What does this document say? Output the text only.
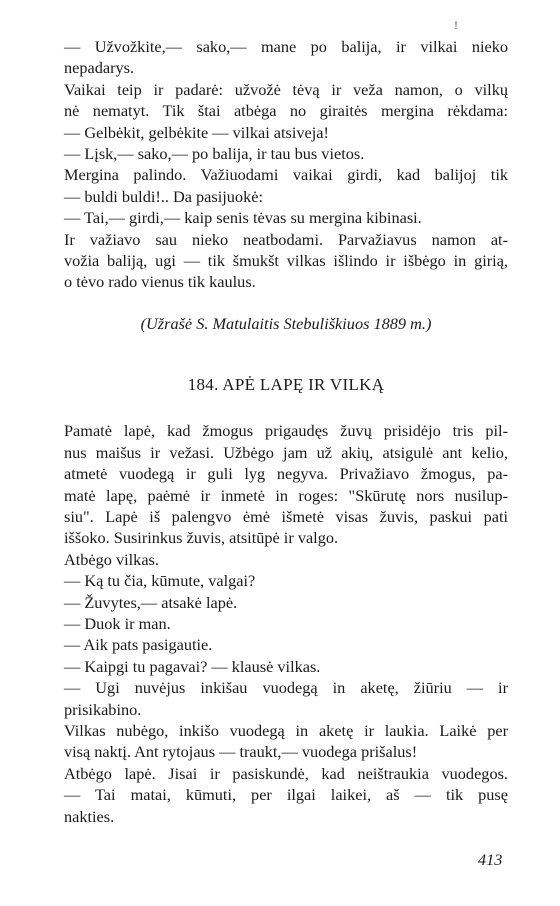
!
— Užvožkite,— sako,— mane po balija, ir vilkai nieko
nepadarys.
Vaikai teip ir padarė: užvožė tėvą ir veža namon, o vilkų
nė nematyt. Tik štai atbėga no giraitės mergina rėkdama:
— Gelbėkit, gelbėkite — vilkai atsiveja!
— Lįsk,— sako,— po balija, ir tau bus vietos.
Mergina palindo. Važiuodami vaikai girdi, kad balijoj tik
— buldi buldi!.. Da pasijuokė:
— Tai,— girdi,— kaip senis tėvas su mergina kibinasi.
Ir važiavo sau nieko neatbodami. Parvažiavus namon at-
vožia baliją, ugi — tik šmukšt vilkas išlindo ir išbėgo in girią,
o tėvo rado vienus tik kaulus.
(Užrašė S. Matulaitis Stebuliškiuos 1889 m.)
184. APĖ LAPĘ IR VILKĄ
Pamatė lapė, kad žmogus prigaudęs žuvų prisidėjo tris pil-
nus maišus ir vežasi. Užbėgo jam už akių, atsigulė ant kelio,
atmetė vuodegą ir guli lyg negyva. Privažiavo žmogus, pa-
matė lapę, paėmė ir inmetė in roges: "Skūrutę nors nusilup-
siu". Lapė iš palengvo ėmė išmetė visas žuvis, paskui pati
iššoko. Susirinkus žuvis, atsitūpė ir valgo.
Atbėgo vilkas.
— Ką tu čia, kūmute, valgai?
— Žuvytes,— atsakė lapė.
— Duok ir man.
— Aik pats pasigautie.
— Kaipgi tu pagavai? — klausė vilkas.
— Ugi nuvėjus inkišau vuodegą in aketę, žiūriu — ir
prisikabino.
Vilkas nubėgo, inkišo vuodegą in aketę ir laukia. Laikė per
visą naktį. Ant rytojaus — traukt,— vuodega prišalus!
Atbėgo lapė. Jisai ir pasiskundė, kad neištraukia vuodegos.
— Tai matai, kūmuti, per ilgai laikei, aš — tik pusę
nakties.
413
